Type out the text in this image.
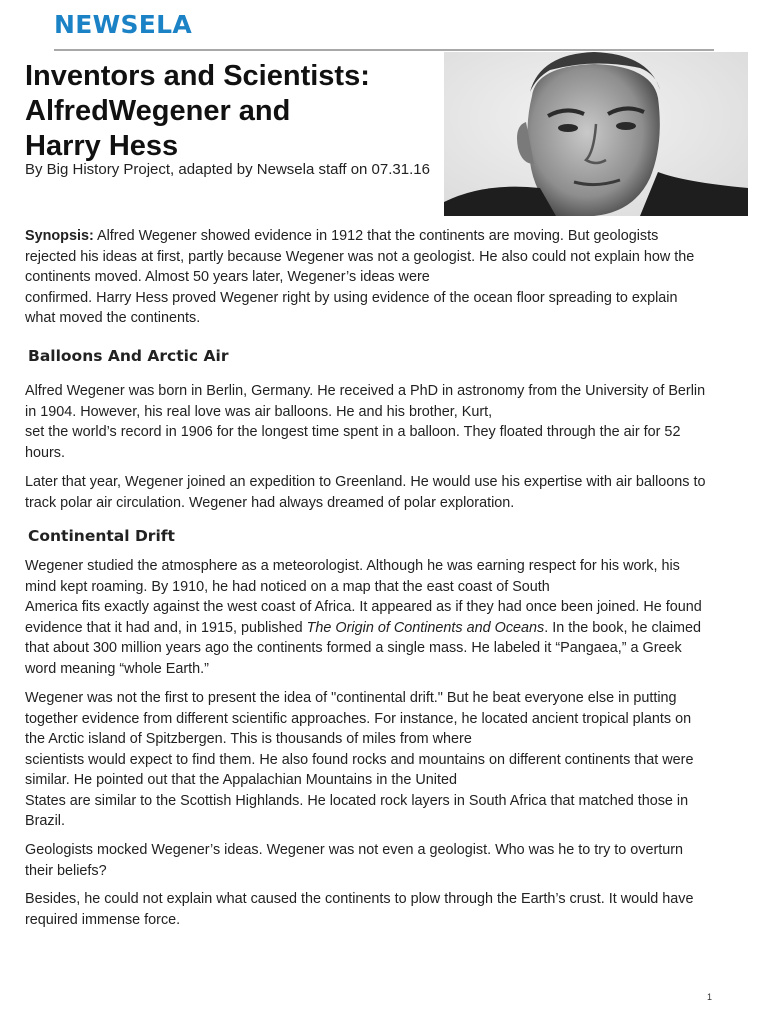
NEWSELA
Inventors and Scientists:
AlfredWegener and
Harry Hess
By Big History Project, adapted by Newsela staff on 07.31.16
Synopsis: Alfred Wegener showed evidence in 1912 that the continents are moving. But geologists
rejected his ideas at first, partly because Wegener was not a geologist. He also could not explain how the
continents moved. Almost 50 years later, Wegener’s ideas were
confirmed. Harry Hess proved Wegener right by using evidence of the ocean floor spreading to explain
what moved the continents.
Balloons And Arctic Air
Alfred Wegener was born in Berlin, Germany. He received a PhD in astronomy from the University of Berlin
in 1904. However, his real love was air balloons. He and his brother, Kurt,
set the world’s record in 1906 for the longest time spent in a balloon. They floated through the air for 52
hours.
Later that year, Wegener joined an expedition to Greenland. He would use his expertise with air balloons to
track polar air circulation. Wegener had always dreamed of polar exploration.
Continental Drift
Wegener studied the atmosphere as a meteorologist. Although he was earning respect for his work, his
mind kept roaming. By 1910, he had noticed on a map that the east coast of South
America fits exactly against the west coast of Africa. It appeared as if they had once been joined. He found
evidence that it had and, in 1915, published The Origin of Continents and Oceans. In the book, he claimed
that about 300 million years ago the continents formed a single mass. He labeled it “Pangaea,” a Greek
word meaning “whole Earth.”
Wegener was not the first to present the idea of "continental drift." But he beat everyone else in putting
together evidence from different scientific approaches. For instance, he located ancient tropical plants on
the Arctic island of Spitzbergen. This is thousands of miles from where
scientists would expect to find them. He also found rocks and mountains on different continents that were
similar. He pointed out that the Appalachian Mountains in the United
States are similar to the Scottish Highlands. He located rock layers in South Africa that matched those in
Brazil.
Geologists mocked Wegener’s ideas. Wegener was not even a geologist. Who was he to try to overturn
their beliefs?
Besides, he could not explain what caused the continents to plow through the Earth’s crust. It would have
required immense force.
1
